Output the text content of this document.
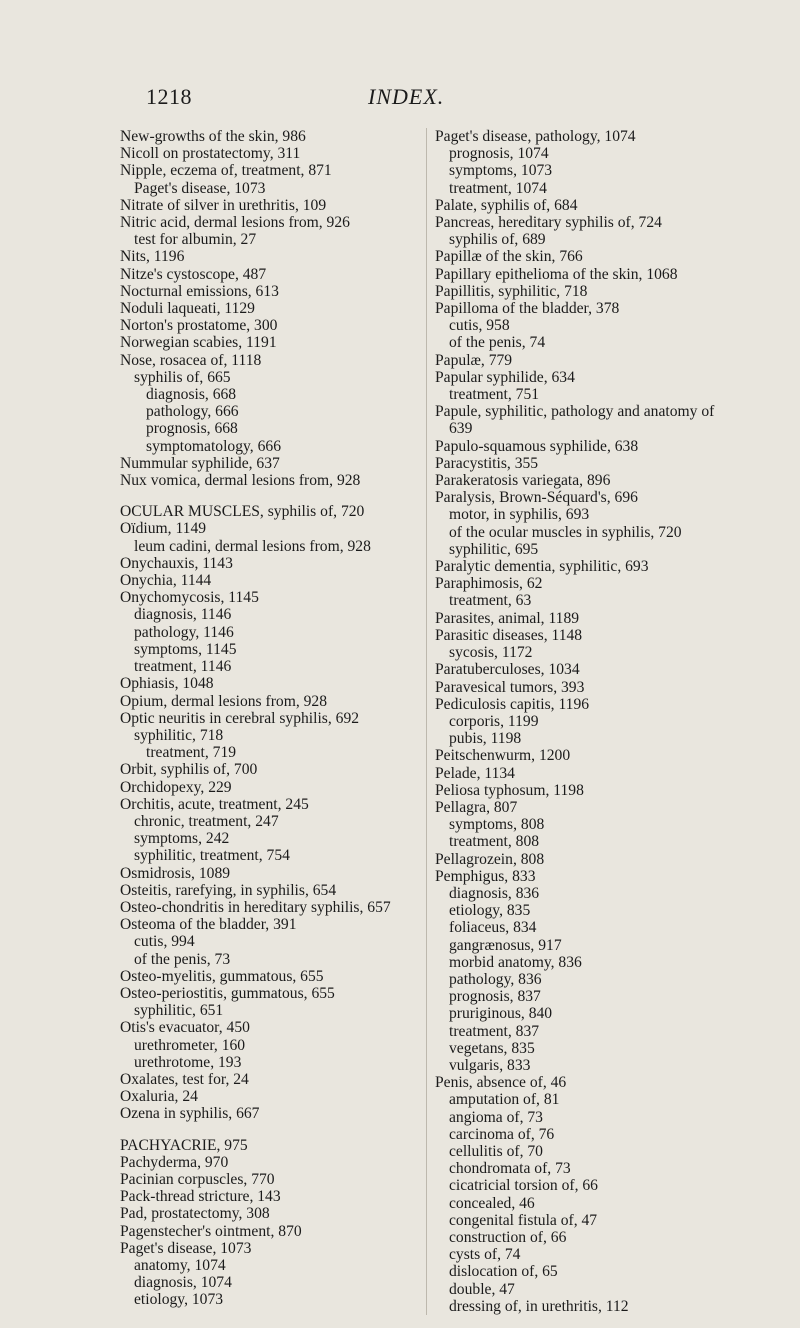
1218	INDEX.
New-growths of the skin, 986
Nicoll on prostatectomy, 311
Nipple, eczema of, treatment, 871
Paget's disease, 1073
Nitrate of silver in urethritis, 109
Nitric acid, dermal lesions from, 926
test for albumin, 27
Nits, 1196
Nitze's cystoscope, 487
Nocturnal emissions, 613
Noduli laqueati, 1129
Norton's prostatome, 300
Norwegian scabies, 1191
Nose, rosacea of, 1118
syphilis of, 665
diagnosis, 668
pathology, 666
prognosis, 668
symptomatology, 666
Nummular syphilide, 637
Nux vomica, dermal lesions from, 928
OCULAR MUSCLES, syphilis of, 720
Oïdium, 1149
leum cadini, dermal lesions from, 928
Onychauxis, 1143
Onychia, 1144
Onychomycosis, 1145
diagnosis, 1146
pathology, 1146
symptoms, 1145
treatment, 1146
Ophiasis, 1048
Opium, dermal lesions from, 928
Optic neuritis in cerebral syphilis, 692
syphilitic, 718
treatment, 719
Orbit, syphilis of, 700
Orchidopexy, 229
Orchitis, acute, treatment, 245
chronic, treatment, 247
symptoms, 242
syphilitic, treatment, 754
Osmidrosis, 1089
Osteitis, rarefying, in syphilis, 654
Osteo-chondritis in hereditary syphilis, 657
Osteoma of the bladder, 391
cutis, 994
of the penis, 73
Osteo-myelitis, gummatous, 655
Osteo-periostitis, gummatous, 655
syphilitic, 651
Otis's evacuator, 450
urethrometer, 160
urethrotome, 193
Oxalates, test for, 24
Oxaluria, 24
Ozena in syphilis, 667
PACHYACRIE, 975
Pachyderma, 970
Pacinian corpuscles, 770
Pack-thread stricture, 143
Pad, prostatectomy, 308
Pagenstecher's ointment, 870
Paget's disease, 1073
anatomy, 1074
diagnosis, 1074
etiology, 1073
Paget's disease, pathology, 1074
prognosis, 1074
symptoms, 1073
treatment, 1074
Palate, syphilis of, 684
Pancreas, hereditary syphilis of, 724
syphilis of, 689
Papillæ of the skin, 766
Papillary epithelioma of the skin, 1068
Papillitis, syphilitic, 718
Papilloma of the bladder, 378
cutis, 958
of the penis, 74
Papulæ, 779
Papular syphilide, 634
treatment, 751
Papule, syphilitic, pathology and anatomy of
639
Papulo-squamous syphilide, 638
Paracystitis, 355
Parakeratosis variegata, 896
Paralysis, Brown-Séquard's, 696
motor, in syphilis, 693
of the ocular muscles in syphilis, 720
syphilitic, 695
Paralytic dementia, syphilitic, 693
Paraphimosis, 62
treatment, 63
Parasites, animal, 1189
Parasitic diseases, 1148
sycosis, 1172
Paratuberculoses, 1034
Paravesical tumors, 393
Pediculosis capitis, 1196
corporis, 1199
pubis, 1198
Peitschenwurm, 1200
Pelade, 1134
Peliosa typhosum, 1198
Pellagra, 807
symptoms, 808
treatment, 808
Pellagrozein, 808
Pemphigus, 833
diagnosis, 836
etiology, 835
foliaceus, 834
gangrænosus, 917
morbid anatomy, 836
pathology, 836
prognosis, 837
pruriginous, 840
treatment, 837
vegetans, 835
vulgaris, 833
Penis, absence of, 46
amputation of, 81
angioma of, 73
carcinoma of, 76
cellulitis of, 70
chondromata of, 73
cicatricial torsion of, 66
concealed, 46
congenital fistula of, 47
construction of, 66
cysts of, 74
dislocation of, 65
double, 47
dressing of, in urethritis, 112
